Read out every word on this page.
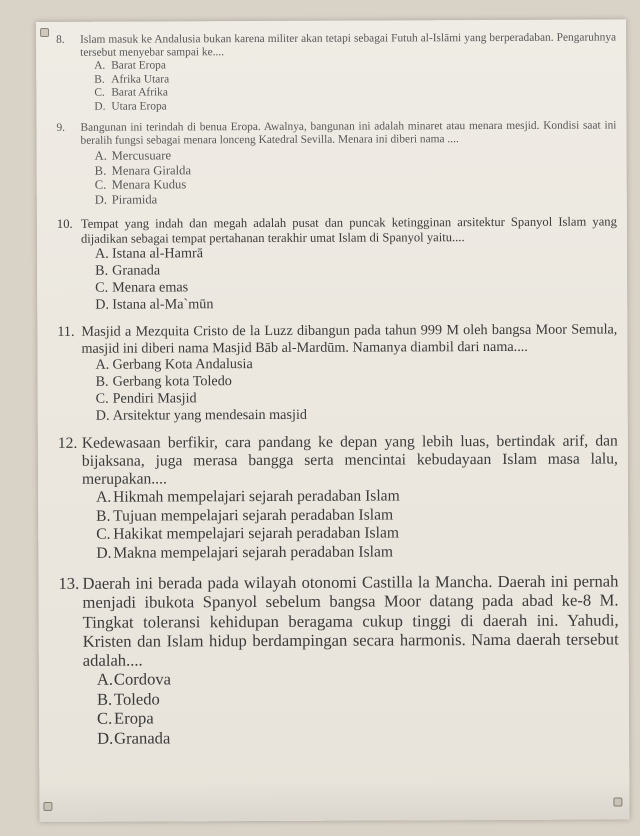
8. Islam masuk ke Andalusia bukan karena militer akan tetapi sebagai Futuh al-Islāmi yang berperadaban. Pengaruhnya tersebut menyebar sampai ke....

A. Barat Eropa
B. Afrika Utara
C. Barat Afrika
D. Utara Eropa

9. Bangunan ini terindah di benua Eropa. Awalnya, bangunan ini adalah minaret atau menara mesjid. Kondisi saat ini beralih fungsi sebagai menara lonceng Katedral Sevilla. Menara ini diberi nama ....

A. Mercusuare
B. Menara Giralda
C. Menara Kudus
D. Piramida

10. Tempat yang indah dan megah adalah pusat dan puncak ketingginan arsitektur Spanyol Islam yang dijadikan sebagai tempat pertahanan terakhir umat Islam di Spanyol yaitu....

A. Istana al-Hamrā
B. Granada
C. Menara emas
D. Istana al-Ma`mūn

11. Masjid a Mezquita Cristo de la Luzz dibangun pada tahun 999 M oleh bangsa Moor Semula, masjid ini diberi nama Masjid Bāb al-Mardūm. Namanya diambil dari nama....

A. Gerbang Kota Andalusia
B. Gerbang kota Toledo
C. Pendiri Masjid
D. Arsitektur yang mendesain masjid

12. Kedewasaan berfikir, cara pandang ke depan yang lebih luas, bertindak arif, dan bijaksana, juga merasa bangga serta mencintai kebudayaan Islam masa lalu, merupakan....

A. Hikmah mempelajari sejarah peradaban Islam
B. Tujuan mempelajari sejarah peradaban Islam
C. Hakikat mempelajari sejarah peradaban Islam
D. Makna mempelajari sejarah peradaban Islam

13. Daerah ini berada pada wilayah otonomi Castilla la Mancha. Daerah ini pernah menjadi ibukota Spanyol sebelum bangsa Moor datang pada abad ke-8 M. Tingkat toleransi kehidupan beragama cukup tinggi di daerah ini. Yahudi, Kristen dan Islam hidup berdampingan secara harmonis. Nama daerah tersebut adalah....

A.Cordova
B. Toledo
C. Eropa
D.Granada
